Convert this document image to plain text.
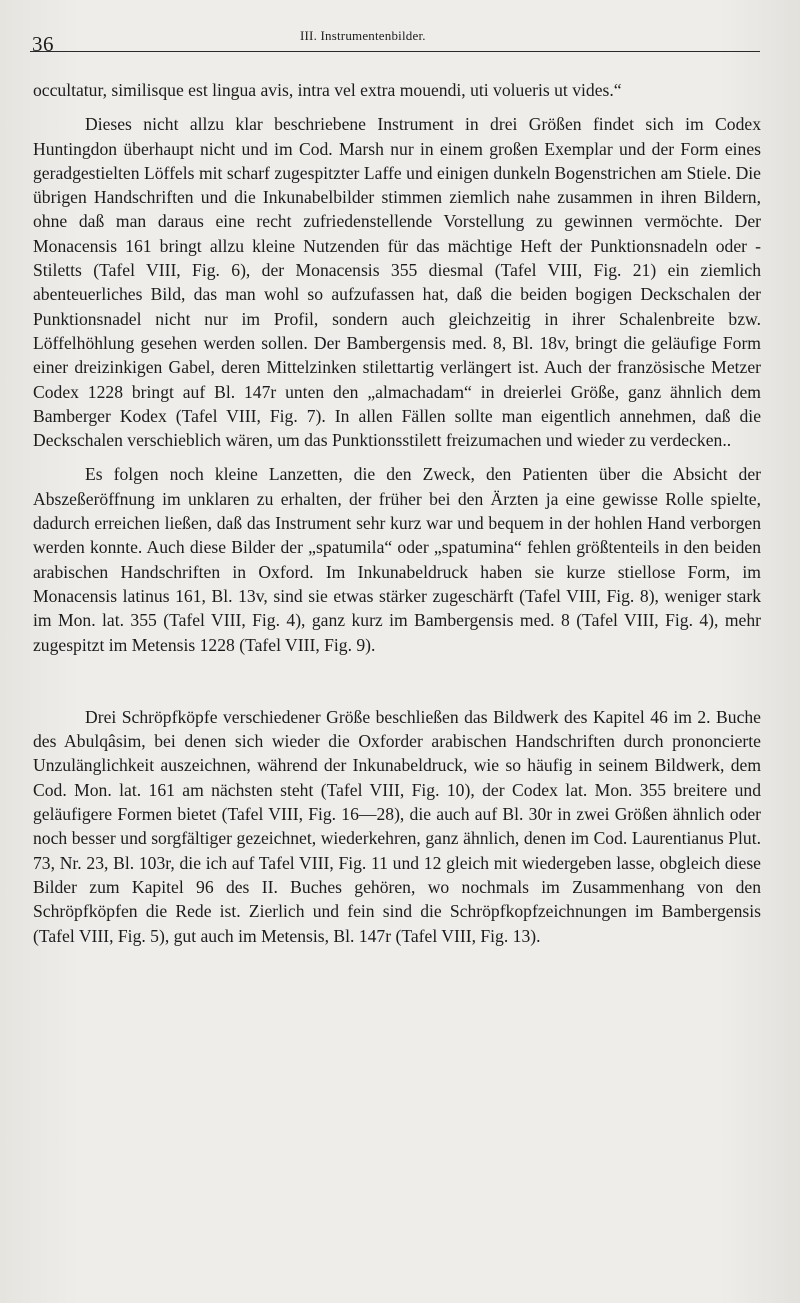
36	III. Instrumentenbilder.

occultatur, similisque est lingua avis, intra vel extra mouendi, uti volueris ut vides.“

Dieses nicht allzu klar beschriebene Instrument in drei Größen findet sich im Codex Huntingdon überhaupt nicht und im Cod. Marsh nur in einem großen Exemplar und der Form eines geradgestielten Löffels mit scharf zugespitzter Laffe und einigen dunkeln Bogenstrichen am Stiele. Die übrigen Handschriften und die Inkunabelbilder stimmen ziemlich nahe zusammen in ihren Bildern, ohne daß man daraus eine recht zufriedenstellende Vorstellung zu gewinnen vermöchte. Der Monacensis 161 bringt allzu kleine Nutzenden für das mächtige Heft der Punktionsnadeln oder -Stiletts (Tafel VIII, Fig. 6), der Monacensis 355 diesmal (Tafel VIII, Fig. 21) ein ziemlich abenteuerliches Bild, das man wohl so aufzufassen hat, daß die beiden bogigen Deckschalen der Punktionsnadel nicht nur im Profil, sondern auch gleichzeitig in ihrer Schalenbreite bzw. Löffelhöhlung gesehen werden sollen. Der Bambergensis med. 8, Bl. 18v, bringt die geläufige Form einer dreizinkigen Gabel, deren Mittelzinken stilettartig verlängert ist. Auch der französische Metzer Codex 1228 bringt auf Bl. 147r unten den „almachadam“ in dreierlei Größe, ganz ähnlich dem Bamberger Kodex (Tafel VIII, Fig. 7). In allen Fällen sollte man eigentlich annehmen, daß die Deckschalen verschieblich wären, um das Punktionsstilett freizumachen und wieder zu verdecken..

Es folgen noch kleine Lanzetten, die den Zweck, den Patienten über die Absicht der Abszeßeröffnung im unklaren zu erhalten, der früher bei den Ärzten ja eine gewisse Rolle spielte, dadurch erreichen ließen, daß das Instrument sehr kurz war und bequem in der hohlen Hand verborgen werden konnte. Auch diese Bilder der „spatumila“ oder „spatumina“ fehlen größtenteils in den beiden arabischen Handschriften in Oxford. Im Inkunabeldruck haben sie kurze stiellose Form, im Monacensis latinus 161, Bl. 13v, sind sie etwas stärker zugeschärft (Tafel VIII, Fig. 8), weniger stark im Mon. lat. 355 (Tafel VIII, Fig. 4), ganz kurz im Bambergensis med. 8 (Tafel VIII, Fig. 4), mehr zugespitzt im Metensis 1228 (Tafel VIII, Fig. 9).

Drei Schröpfköpfe verschiedener Größe beschließen das Bildwerk des Kapitel 46 im 2. Buche des Abulqâsim, bei denen sich wieder die Oxforder arabischen Handschriften durch prononcierte Unzulänglichkeit auszeichnen, während der Inkunabeldruck, wie so häufig in seinem Bildwerk, dem Cod. Mon. lat. 161 am nächsten steht (Tafel VIII, Fig. 10), der Codex lat. Mon. 355 breitere und geläufigere Formen bietet (Tafel VIII, Fig. 16—28), die auch auf Bl. 30r in zwei Größen ähnlich oder noch besser und sorgfältiger gezeichnet, wiederkehren, ganz ähnlich, denen im Cod. Laurentianus Plut. 73, Nr. 23, Bl. 103r, die ich auf Tafel VIII, Fig. 11 und 12 gleich mit wiedergeben lasse, obgleich diese Bilder zum Kapitel 96 des II. Buches gehören, wo nochmals im Zusammenhang von den Schröpfköpfen die Rede ist. Zierlich und fein sind die Schröpfkopfzeichnungen im Bambergensis (Tafel VIII, Fig. 5), gut auch im Metensis, Bl. 147r (Tafel VIII, Fig. 13).
